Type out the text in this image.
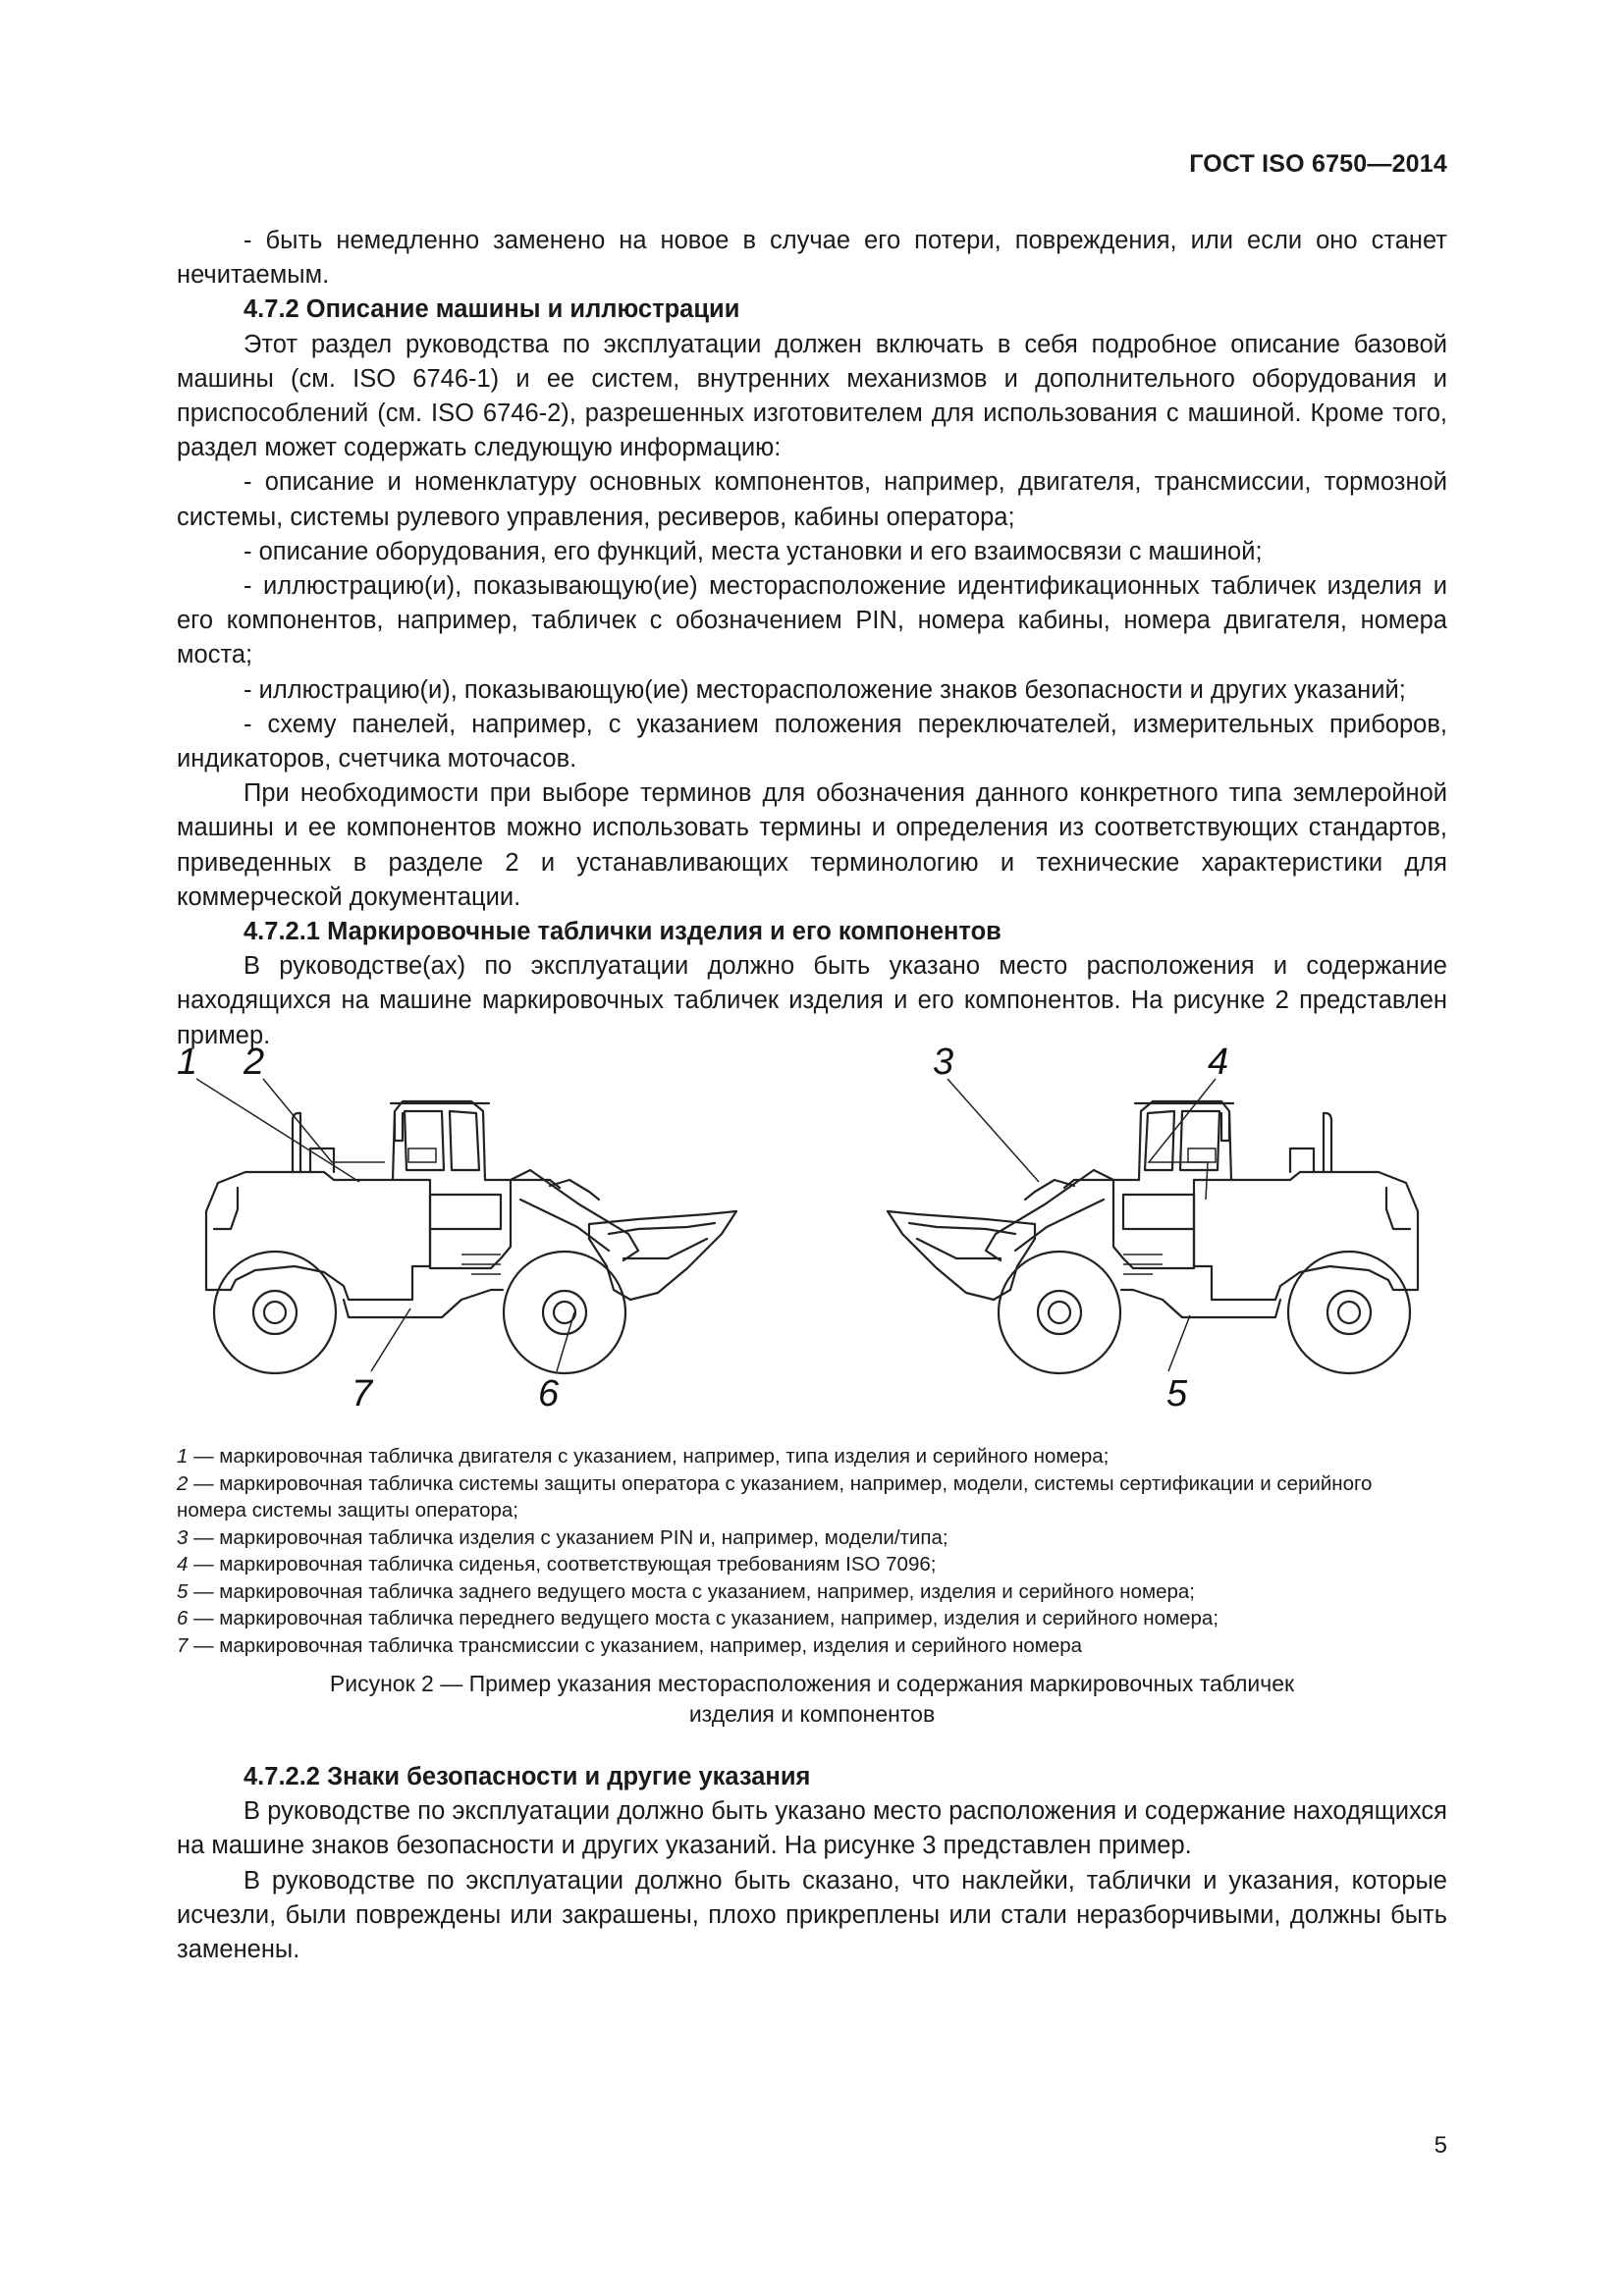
ГОСТ ISO 6750—2014

- быть немедленно заменено на новое в случае его потери, повреждения, или если оно станет нечитаемым.

4.7.2 Описание машины и иллюстрации

Этот раздел руководства по эксплуатации должен включать в себя подробное описание базовой машины (см. ISO 6746-1) и ее систем, внутренних механизмов и дополнительного оборудования и приспособлений (см. ISO 6746-2), разрешенных изготовителем для использования с машиной. Кроме того, раздел может содержать следующую информацию:

- описание и номенклатуру основных компонентов, например, двигателя, трансмиссии, тормозной системы, системы рулевого управления, ресиверов, кабины оператора;

- описание оборудования, его функций, места установки и его взаимосвязи с машиной;

- иллюстрацию(и), показывающую(ие) месторасположение идентификационных табличек изделия и его компонентов, например, табличек с обозначением PIN, номера кабины, номера двигателя, номера моста;

- иллюстрацию(и), показывающую(ие) месторасположение знаков безопасности и других указаний;

- схему панелей, например, с указанием положения переключателей, измерительных приборов, индикаторов, счетчика моточасов.

При необходимости при выборе терминов для обозначения данного конкретного типа землеройной машины и ее компонентов можно использовать термины и определения из соответствующих стандартов, приведенных в разделе 2 и устанавливающих терминологию и технические характеристики для коммерческой документации.

4.7.2.1 Маркировочные таблички изделия и его компонентов

В руководстве(ах) по эксплуатации должно быть указано место расположения и содержание находящихся на машине маркировочных табличек изделия и его компонентов. На рисунке 2 представлен пример.

1 2	3	4
5
6
7
1 — маркировочная табличка двигателя с указанием, например, типа изделия и серийного номера;
2 — маркировочная табличка системы защиты оператора с указанием, например, модели, системы сертификации и серийного номера системы защиты оператора;
3 — маркировочная табличка изделия с указанием PIN и, например, модели/типа;
4 — маркировочная табличка сиденья, соответствующая требованиям ISO 7096;
5 — маркировочная табличка заднего ведущего моста с указанием, например, изделия и серийного номера;
6 — маркировочная табличка переднего ведущего моста с указанием, например, изделия и серийного номера;
7 — маркировочная табличка трансмиссии с указанием, например, изделия и серийного номера
Рисунок 2 — Пример указания месторасположения и содержания маркировочных табличек
изделия и компонентов
4.7.2.2 Знаки безопасности и другие указания

В руководстве по эксплуатации должно быть указано место расположения и содержание находящихся на машине знаков безопасности и других указаний. На рисунке 3 представлен пример.

В руководстве по эксплуатации должно быть сказано, что наклейки, таблички и указания, которые исчезли, были повреждены или закрашены, плохо прикреплены или стали неразборчивыми, должны быть заменены.

5
